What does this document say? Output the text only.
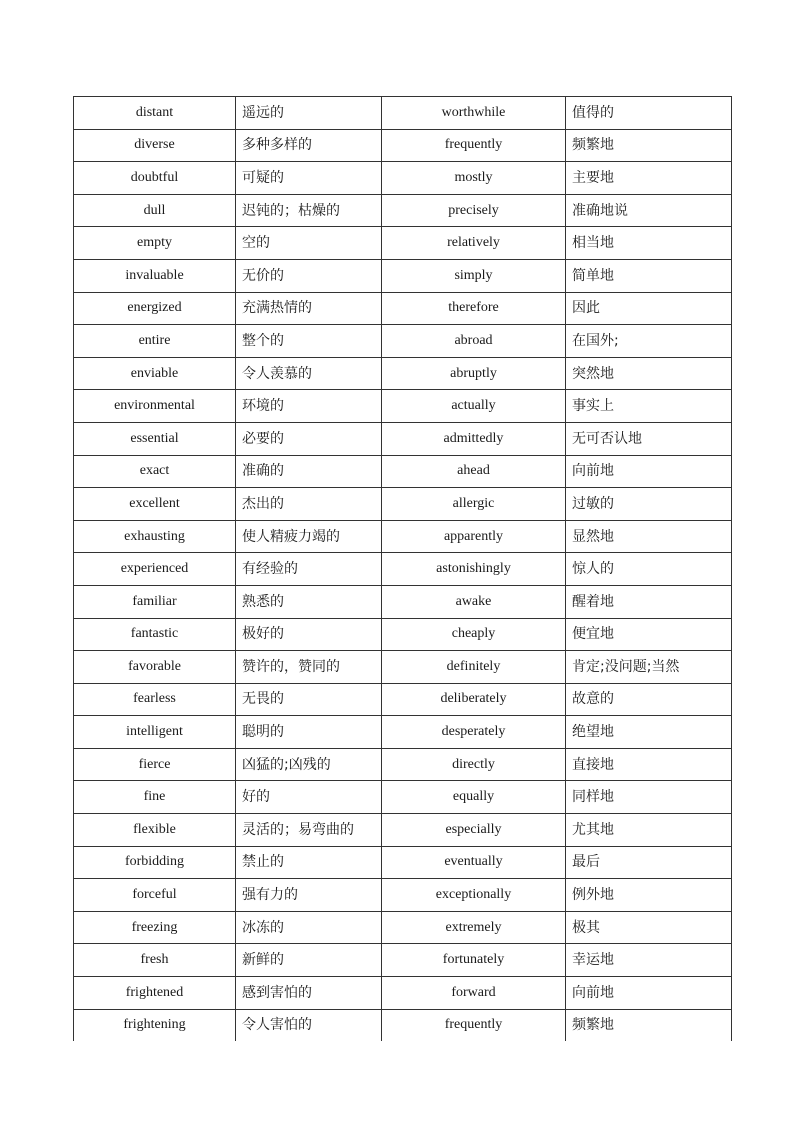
distant	遥远的	worthwhile	值得的
diverse	多种多样的	frequently	频繁地
doubtful	可疑的	mostly	主要地
dull	迟钝的；枯燥的	precisely	准确地说
empty	空的	relatively	相当地
invaluable	无价的	simply	简单地
energized	充满热情的	therefore	因此
entire	整个的	abroad	在国外;
enviable	令人羡慕的	abruptly	突然地
environmental	环境的	actually	事实上
essential	必要的	admittedly	无可否认地
exact	准确的	ahead	向前地
excellent	杰出的	allergic	过敏的
exhausting	使人精疲力竭的	apparently	显然地
experienced	有经验的	astonishingly	惊人的
familiar	熟悉的	awake	醒着地
fantastic	极好的	cheaply	便宜地
favorable	赞许的，赞同的	definitely	肯定;没问题;当然
fearless	无畏的	deliberately	故意的
intelligent	聪明的	desperately	绝望地
fierce	凶猛的;凶残的	directly	直接地
fine	好的	equally	同样地
flexible	灵活的；易弯曲的	especially	尤其地
forbidding	禁止的	eventually	最后
forceful	强有力的	exceptionally	例外地
freezing	冰冻的	extremely	极其
fresh	新鲜的	fortunately	幸运地
frightened	感到害怕的	forward	向前地
frightening	令人害怕的	frequently	频繁地
